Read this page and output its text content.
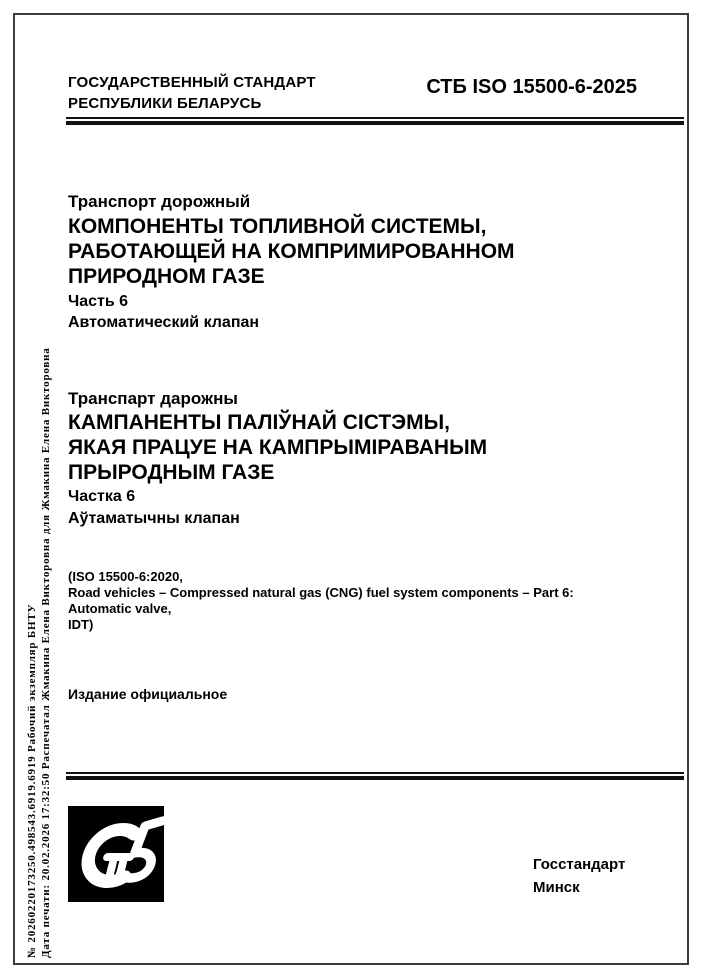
ГОСУДАРСТВЕННЫЙ СТАНДАРТ
РЕСПУБЛИКИ БЕЛАРУСЬ
СТБ ISO 15500-6-2025
Транспорт дорожный
КОМПОНЕНТЫ ТОПЛИВНОЙ СИСТЕМЫ,
РАБОТАЮЩЕЙ НА КОМПРИМИРОВАННОМ
ПРИРОДНОМ ГАЗЕ
Часть 6
Автоматический клапан
Транспарт дарожны
КАМПАНЕНТЫ ПАЛІЎНАЙ СІСТЭМЫ,
ЯКАЯ ПРАЦУЕ НА КАМПРЫМІРАВАНЫМ
ПРЫРОДНЫМ ГАЗЕ
Частка 6
Аўтаматычны клапан
(ISO 15500-6:2020,
Road vehicles – Compressed natural gas (CNG) fuel system components – Part 6:
Automatic valve,
IDT)
Издание официальное
Госстандарт
Минск
№ 20260220173250.498543.6919.6919 Рабочий экземпляр БНТУ Дата печати: 20.02.2026 17:32:50 Распечатал Жмакина Елена Викторовна для Жмакина Елена Викторовна
